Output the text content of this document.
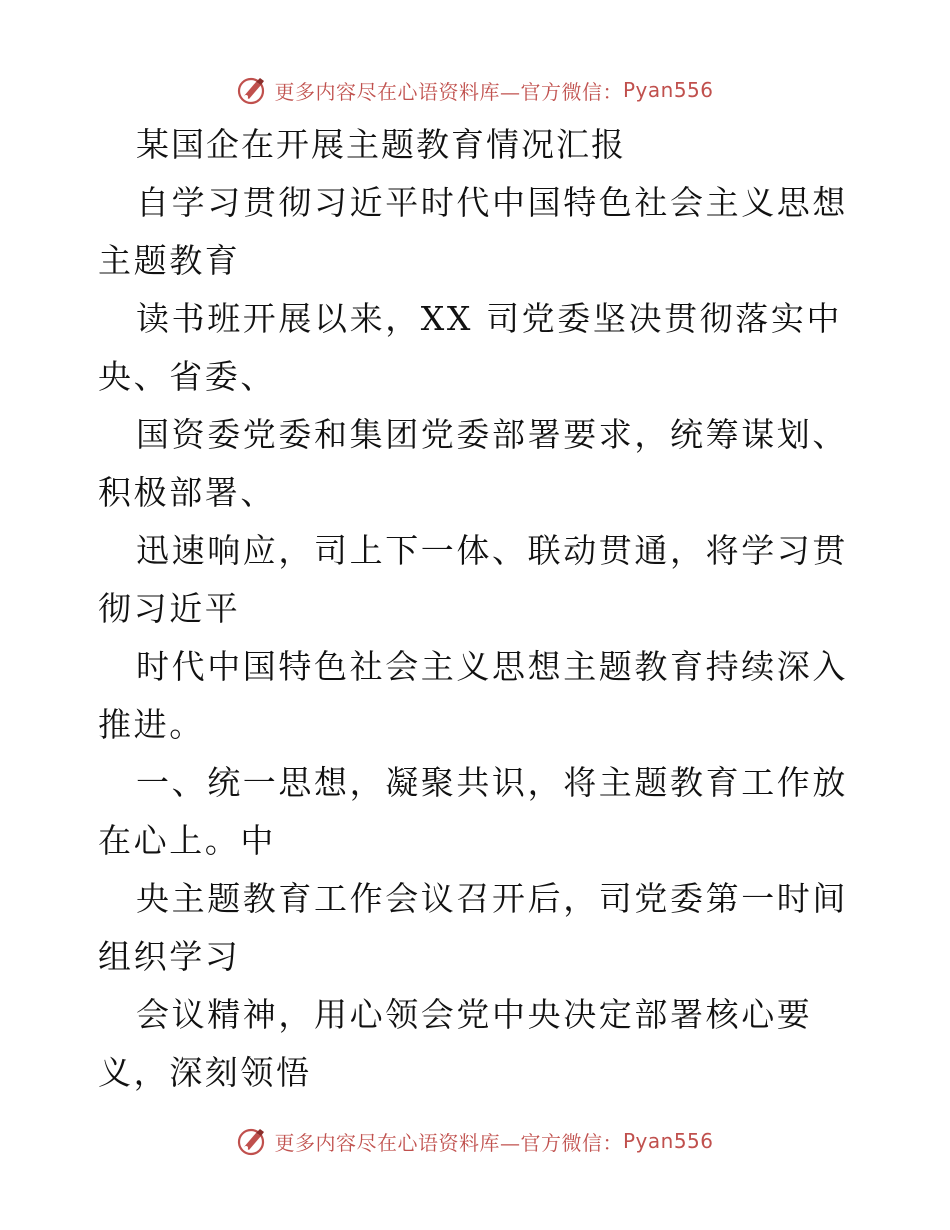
更多内容尽在心语资料库—官方微信： Pyan556

某国企在开展主题教育情况汇报

自学习贯彻习近平时代中国特色社会主义思想主题教育

读书班开展以来，XX 司党委坚决贯彻落实中央、省委、

国资委党委和集团党委部署要求，统筹谋划、积极部署、

迅速响应，司上下一体、联动贯通，将学习贯彻习近平

时代中国特色社会主义思想主题教育持续深入推进。

一、统一思想，凝聚共识，将主题教育工作放在心上。中

央主题教育工作会议召开后，司党委第一时间组织学习

会议精神，用心领会党中央决定部署核心要义，深刻领悟

更多内容尽在心语资料库—官方微信： Pyan556
